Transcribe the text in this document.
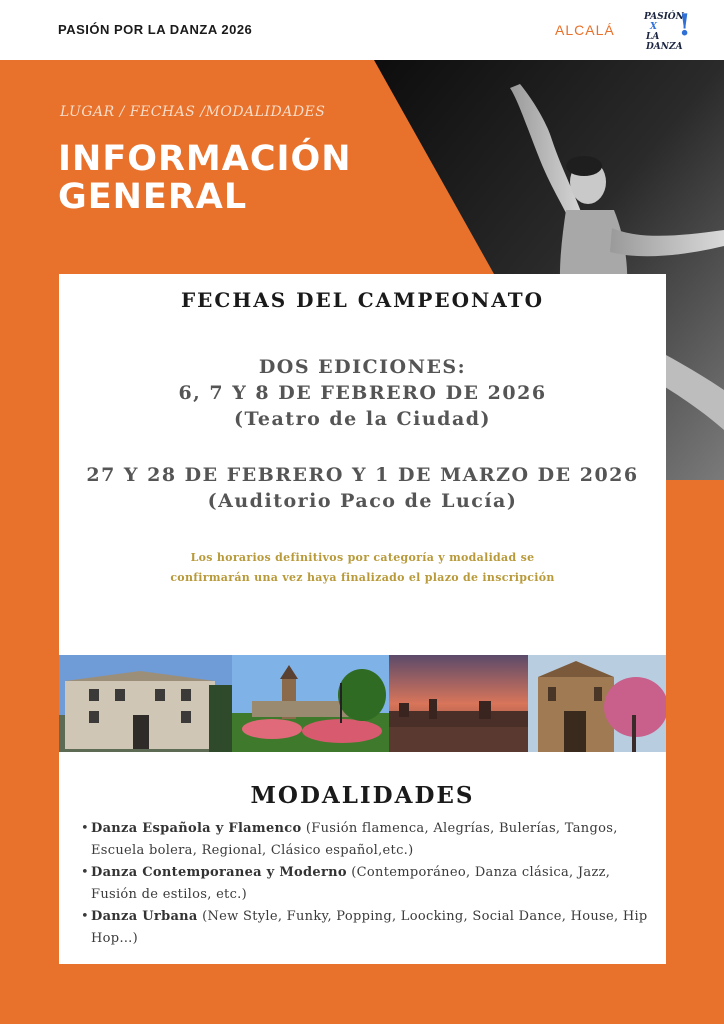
PASIÓN POR LA DANZA 2026	ALCALÁ
PASIÓN
X
LA DANZA
!
LUGAR / FECHAS /MODALIDADES
INFORMACIÓN
GENERAL
FECHAS DEL CAMPEONATO
DOS EDICIONES:
6, 7 Y 8 DE FEBRERO DE 2026
(Teatro de la Ciudad)
27 Y 28 DE FEBRERO Y 1 DE MARZO DE 2026
(Auditorio Paco de Lucía)
Los horarios definitivos por categoría y modalidad se
confirmarán una vez haya finalizado el plazo de inscripción
MODALIDADES
• Danza Española y Flamenco (Fusión flamenca, Alegrías, Bulerías, Tangos, Escuela bolera, Regional, Clásico español,etc.)
• Danza Contemporanea y Moderno (Contemporáneo, Danza clásica, Jazz, Fusión de estilos, etc.)
• Danza Urbana (New Style, Funky, Popping, Loocking, Social Dance, House, Hip Hop…)
